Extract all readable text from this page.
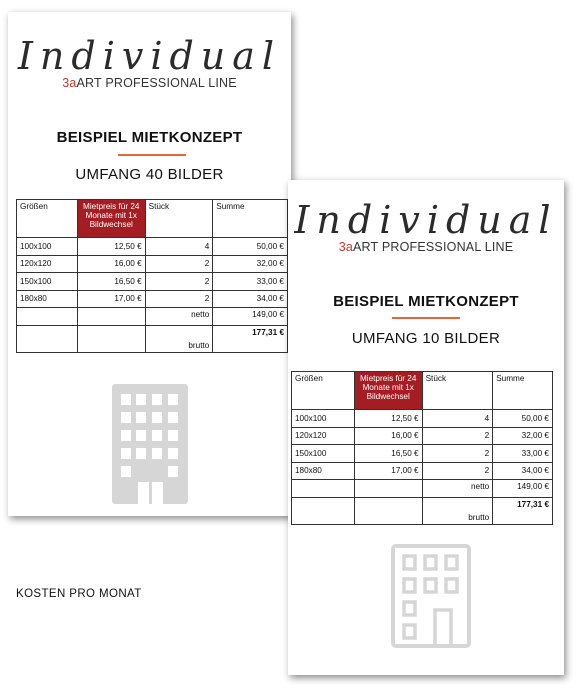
Individual
3aART PROFESSIONAL LINE
BEISPIEL MIETKONZEPT
UMFANG 40 BILDER
Größen	Mietpreis für 24 Monate mit 1x Bildwechsel	Stück	Summe
100x100	12,50 €	4	50,00 €
120x120	16,00 €	2	32,00 €
150x100	16,50 €	2	33,00 €
180x80	17,00 €	2	34,00 €
		netto	149,00 €
		brutto	177,31 €
Individual
3aART PROFESSIONAL LINE
BEISPIEL MIETKONZEPT
UMFANG 10 BILDER
Größen	Mietpreis für 24 Monate mit 1x Bildwechsel	Stück	Summe
100x100	12,50 €	4	50,00 €
120x120	16,00 €	2	32,00 €
150x100	16,50 €	2	33,00 €
180x80	17,00 €	2	34,00 €
		netto	149,00 €
		brutto	177,31 €
KOSTEN PRO MONAT
